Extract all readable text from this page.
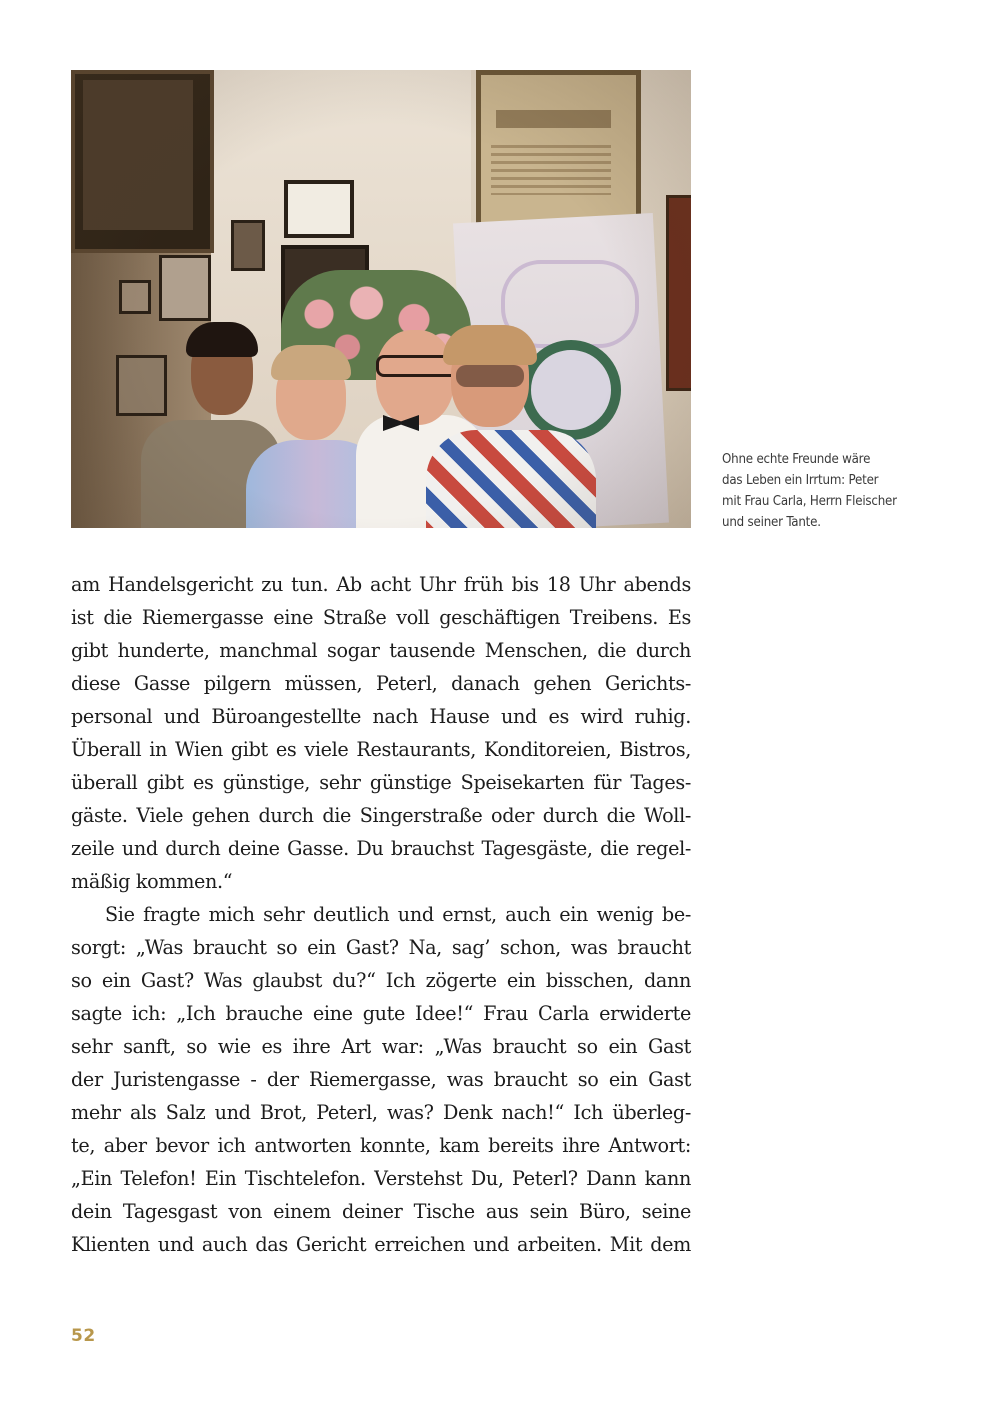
Ohne echte Freunde wäre
das Leben ein Irrtum: Peter
mit Frau Carla, Herrn Fleischer
und seiner Tante.
am Handelsgericht zu tun. Ab acht Uhr früh bis 18 Uhr abends
ist die Riemergasse eine Straße voll geschäftigen Treibens. Es
gibt hunderte, manchmal sogar tausende Menschen, die durch
diese Gasse pilgern müssen, Peterl, danach gehen Gerichts-
personal und Büroangestellte nach Hause und es wird ruhig.
Überall in Wien gibt es viele Restaurants, Konditoreien, Bistros,
überall gibt es günstige, sehr günstige Speisekarten für Tages-
gäste. Viele gehen durch die Singerstraße oder durch die Woll-
zeile und durch deine Gasse. Du brauchst Tagesgäste, die regel-
mäßig kommen.“
Sie fragte mich sehr deutlich und ernst, auch ein wenig be-
sorgt: „Was braucht so ein Gast? Na, sag’ schon, was braucht
so ein Gast? Was glaubst du?“ Ich zögerte ein bisschen, dann
sagte ich: „Ich brauche eine gute Idee!“ Frau Carla erwiderte
sehr sanft, so wie es ihre Art war: „Was braucht so ein Gast
der Juristengasse - der Riemergasse, was braucht so ein Gast
mehr als Salz und Brot, Peterl, was? Denk nach!“ Ich überleg-
te, aber bevor ich antworten konnte, kam bereits ihre Antwort:
„Ein Telefon! Ein Tischtelefon. Verstehst Du, Peterl? Dann kann
dein Tagesgast von einem deiner Tische aus sein Büro, seine
Klienten und auch das Gericht erreichen und arbeiten. Mit dem
52
